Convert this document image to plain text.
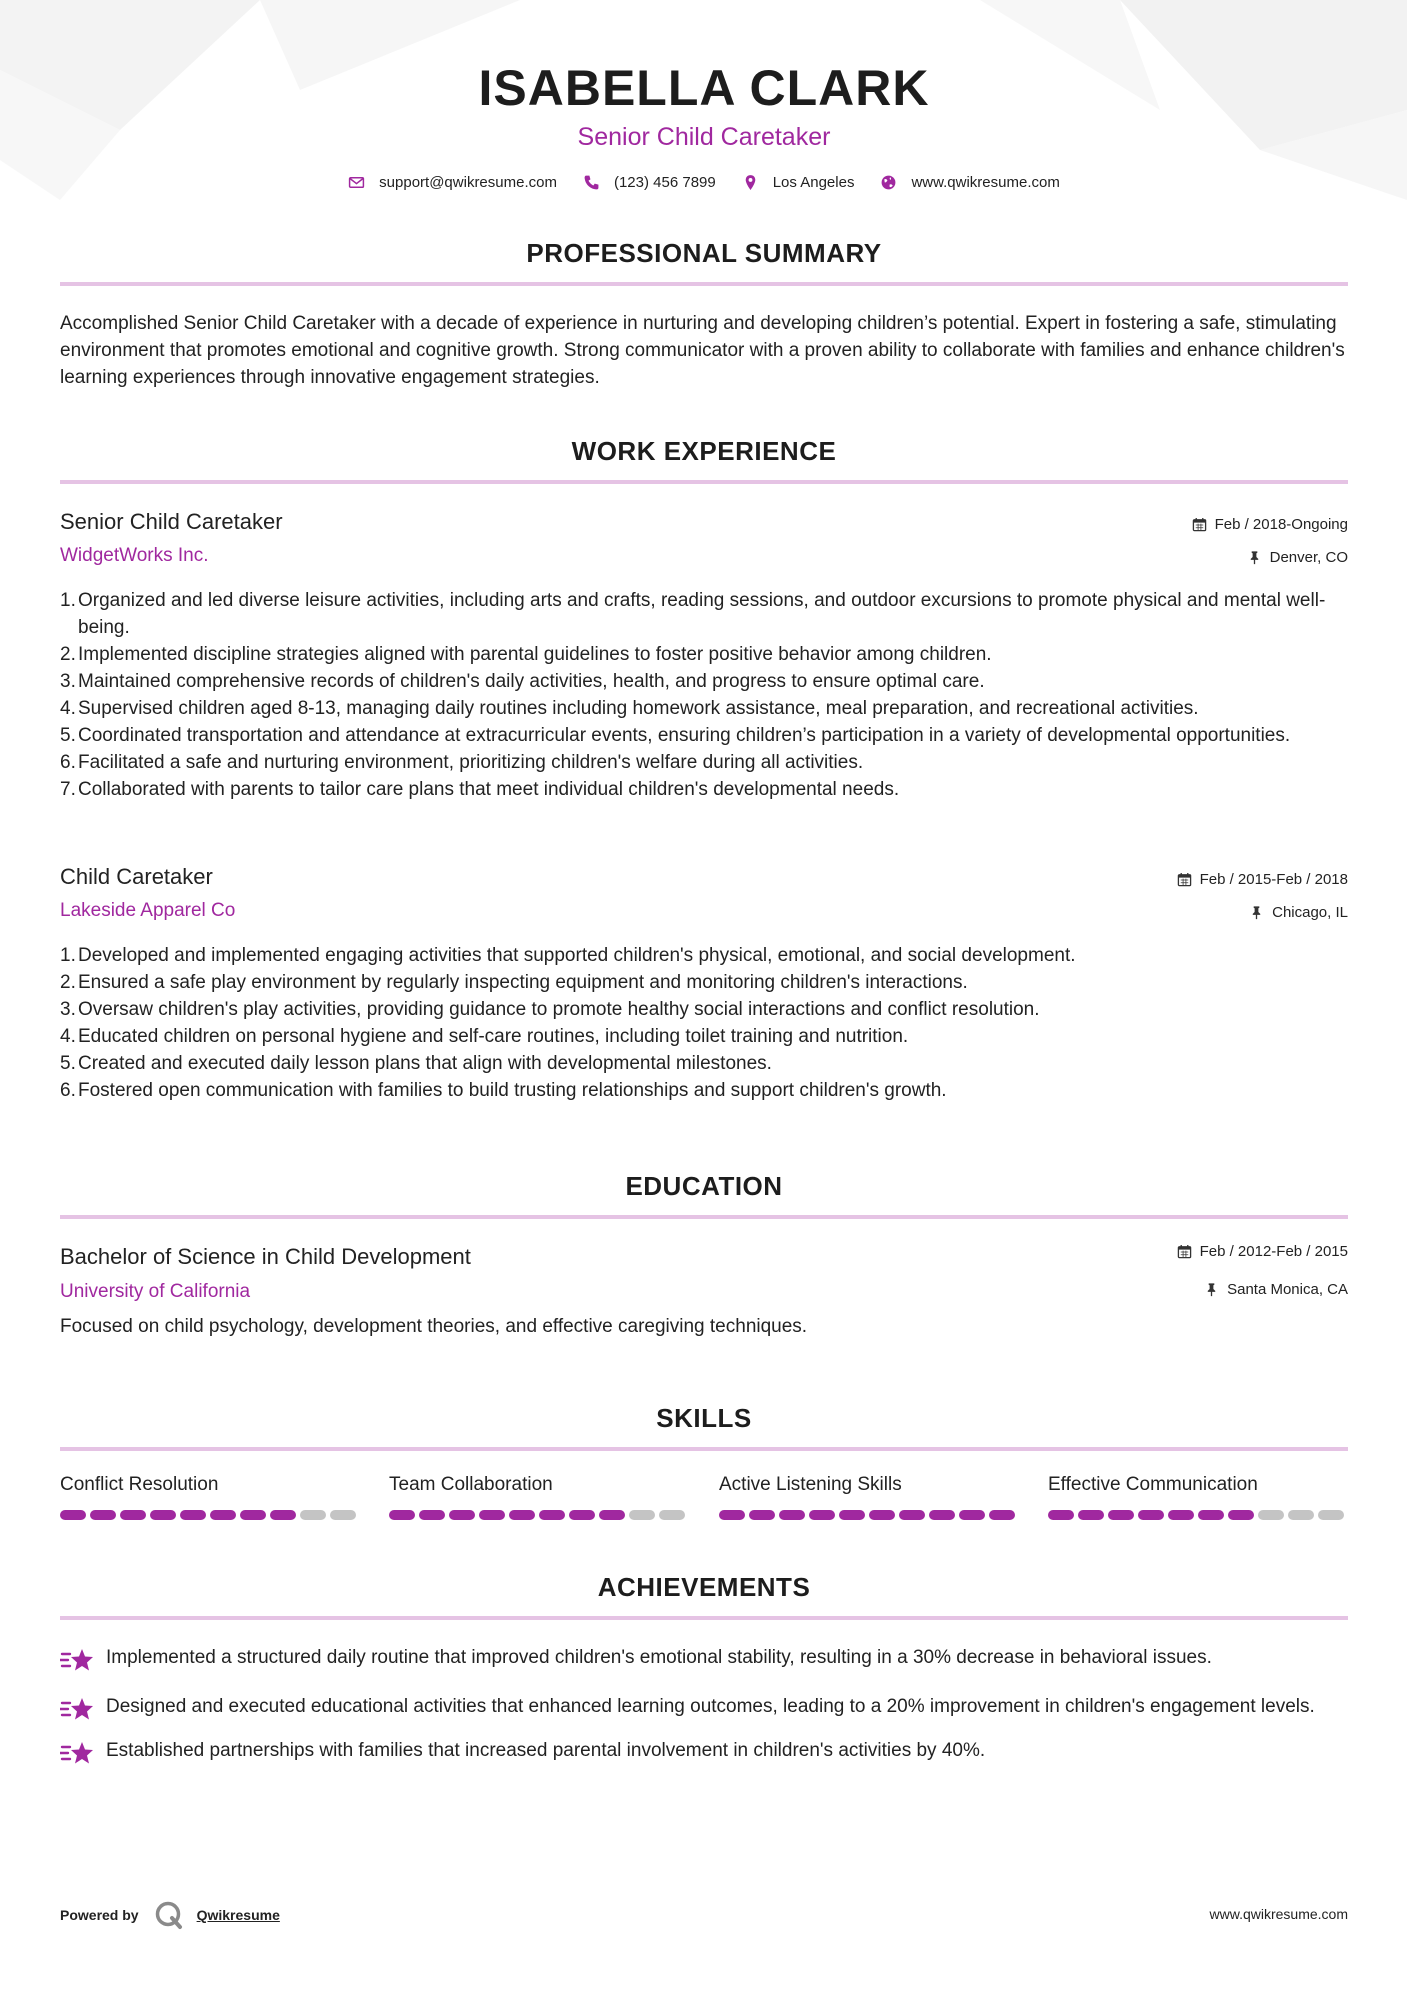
ISABELLA CLARK
Senior Child Caretaker
support@qwikresume.com	(123) 456 7899	Los Angeles	www.qwikresume.com
PROFESSIONAL SUMMARY

Accomplished Senior Child Caretaker with a decade of experience in nurturing and developing children’s potential. Expert in fostering a safe, stimulating environment that promotes emotional and cognitive growth. Strong communicator with a proven ability to collaborate with families and enhance children's learning experiences through innovative engagement strategies.

WORK EXPERIENCE
Senior Child Caretaker
WidgetWorks Inc.
Feb / 2018-Ongoing
Denver, CO
1. Organized and led diverse leisure activities, including arts and crafts, reading sessions, and outdoor excursions to promote physical and mental well-being.
2. Implemented discipline strategies aligned with parental guidelines to foster positive behavior among children.
3. Maintained comprehensive records of children's daily activities, health, and progress to ensure optimal care.
4. Supervised children aged 8-13, managing daily routines including homework assistance, meal preparation, and recreational activities.
5. Coordinated transportation and attendance at extracurricular events, ensuring children’s participation in a variety of developmental opportunities.
6. Facilitated a safe and nurturing environment, prioritizing children's welfare during all activities.
7. Collaborated with parents to tailor care plans that meet individual children's developmental needs.
Child Caretaker
Lakeside Apparel Co
Feb / 2015-Feb / 2018
Chicago, IL
1. Developed and implemented engaging activities that supported children's physical, emotional, and social development.
2. Ensured a safe play environment by regularly inspecting equipment and monitoring children's interactions.
3. Oversaw children's play activities, providing guidance to promote healthy social interactions and conflict resolution.
4. Educated children on personal hygiene and self-care routines, including toilet training and nutrition.
5. Created and executed daily lesson plans that align with developmental milestones.
6. Fostered open communication with families to build trusting relationships and support children's growth.
EDUCATION
Bachelor of Science in Child Development
University of California
Feb / 2012-Feb / 2015
Santa Monica, CA

Focused on child psychology, development theories, and effective caregiving techniques.

SKILLS
Conflict Resolution	Team Collaboration	Active Listening Skills	Effective Communication
ACHIEVEMENTS
Implemented a structured daily routine that improved children's emotional stability, resulting in a 30% decrease in behavioral issues.
Designed and executed educational activities that enhanced learning outcomes, leading to a 20% improvement in children's engagement levels.
Established partnerships with families that increased parental involvement in children's activities by 40%.
Powered by	Qwikresume	www.qwikresume.com
